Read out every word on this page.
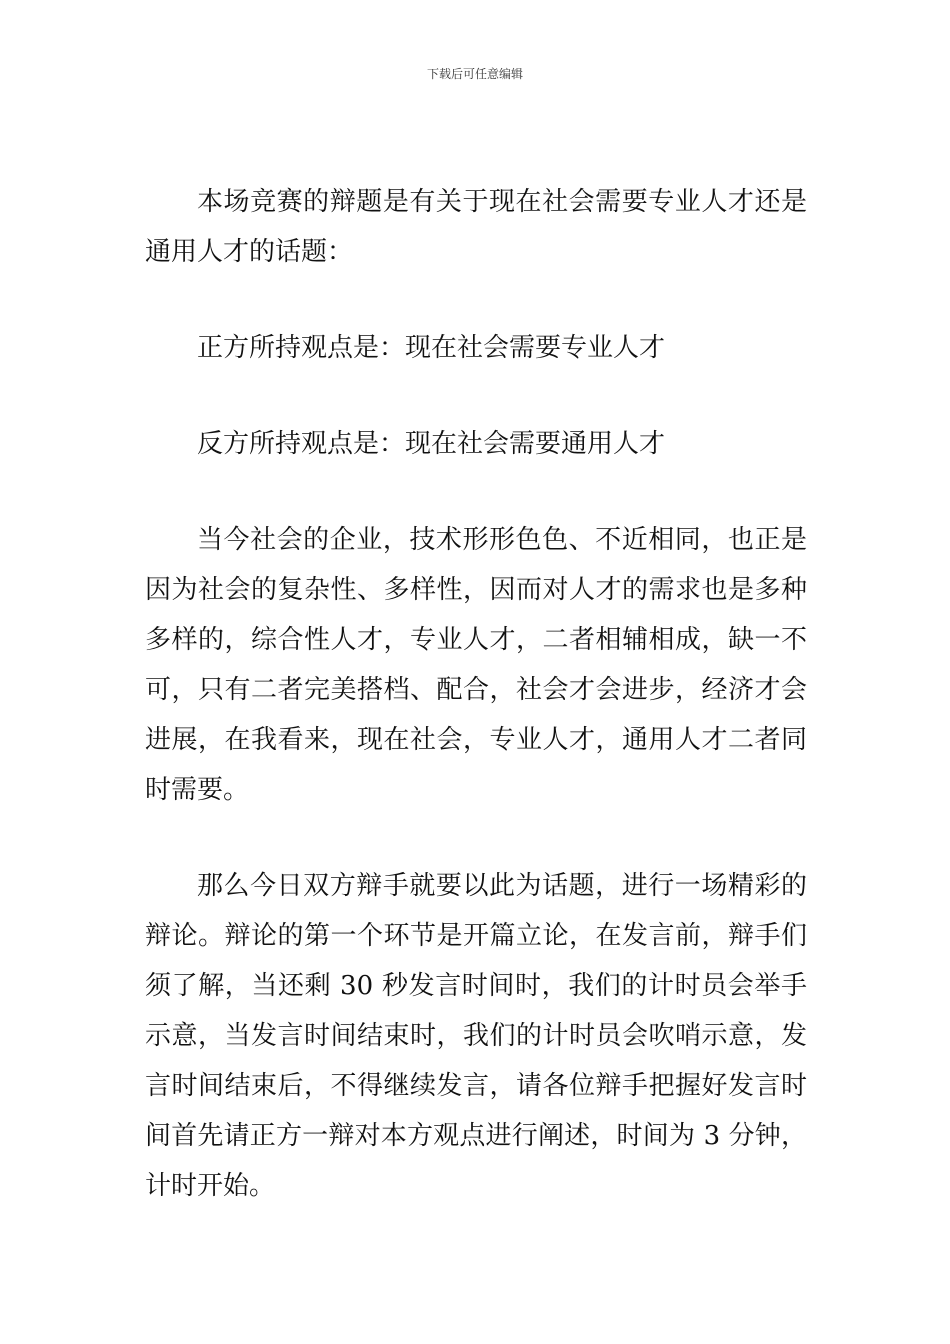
下载后可任意编辑

本场竞赛的辩题是有关于现在社会需要专业人才还是通用人才的话题：

正方所持观点是：现在社会需要专业人才

反方所持观点是：现在社会需要通用人才

当今社会的企业，技术形形色色、不近相同，也正是因为社会的复杂性、多样性，因而对人才的需求也是多种多样的，综合性人才，专业人才，二者相辅相成，缺一不可，只有二者完美搭档、配合，社会才会进步，经济才会进展，在我看来，现在社会，专业人才，通用人才二者同时需要。

那么今日双方辩手就要以此为话题，进行一场精彩的辩论。辩论的第一个环节是开篇立论，在发言前，辩手们须了解，当还剩 30 秒发言时间时，我们的计时员会举手示意，当发言时间结束时，我们的计时员会吹哨示意，发言时间结束后，不得继续发言，请各位辩手把握好发言时间首先请正方一辩对本方观点进行阐述，时间为 3 分钟，计时开始。
